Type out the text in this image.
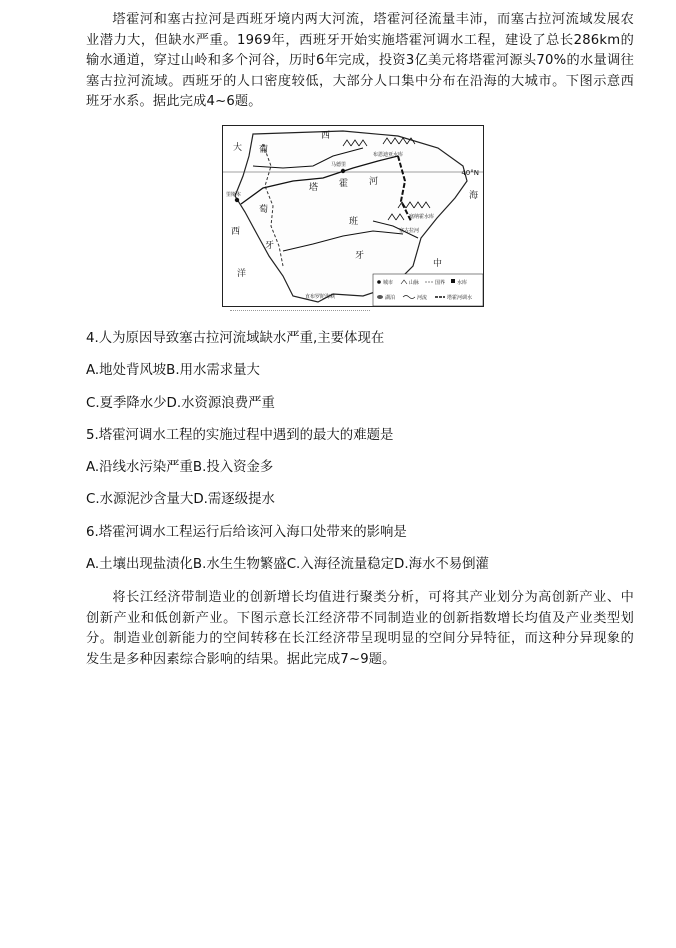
塔霍河和塞古拉河是西班牙境内两大河流，塔霍河径流量丰沛，而塞古拉河流域发展农业潜力大，但缺水严重。1969年，西班牙开始实施塔霍河调水工程，建设了总长286km的输水通道，穿过山岭和多个河谷，历时6年完成，投资3亿美元将塔霍河源头70%的水量调往塞古拉河流域。西班牙的人口密度较低，大部分人口集中分布在沿海的大城市。下图示意西班牙水系。据此完成4~6题。

40°N
大
西
洋
葡
萄
牙
西
班
牙
海
中
塔 霍 河
里斯本
马德里
布恩迪亚水库
塞纳霍水库
塞古拉河
直布罗陀海峡
城市	山脉	国界 水库
湖泊	河流	塔霍河调水

4.人为原因导致塞古拉河流域缺水严重,主要体现在

A.地处背风坡B.用水需求量大

C.夏季降水少D.水资源浪费严重

5.塔霍河调水工程的实施过程中遇到的最大的难题是

A.沿线水污染严重B.投入资金多

C.水源泥沙含量大D.需逐级提水

6.塔霍河调水工程运行后给该河入海口处带来的影响是

A.土壤出现盐渍化B.水生生物繁盛C.入海径流量稳定D.海水不易倒灌

将长江经济带制造业的创新增长均值进行聚类分析，可将其产业划分为高创新产业、中创新产业和低创新产业。下图示意长江经济带不同制造业的创新指数增长均值及产业类型划分。制造业创新能力的空间转移在长江经济带呈现明显的空间分异特征，而这种分异现象的发生是多种因素综合影响的结果。据此完成7~9题。
